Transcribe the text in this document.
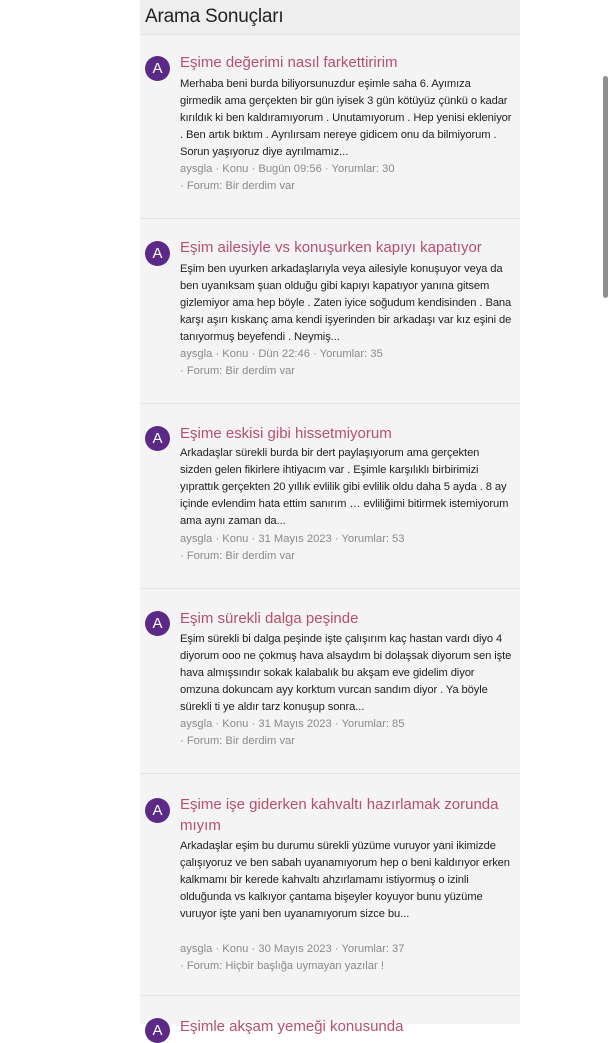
Arama Sonuçları
A Eşime değerimi nasıl farkettiririm
Merhaba beni burda biliyorsunuzdur eşimle saha 6. Ayımıza girmedik ama gerçekten bir gün iyisek 3 gün kötüyüz çünkü o kadar kırıldık ki ben kaldıramıyorum . Unutamıyorum . Hep yenisi ekleniyor . Ben artık bıktım . Ayrılırsam nereye gidicem onu da bilmiyorum . Sorun yaşıyoruz diye ayrılmamız...
aysgla · Konu · Bugün 09:56 · Yorumlar: 30
· Forum: Bir derdim var
A Eşim ailesiyle vs konuşurken kapıyı kapatıyor
Eşim ben uyurken arkadaşlarıyla veya ailesiyle konuşuyor veya da ben uyanıksam şuan olduğu gibi kapıyı kapatıyor yanına gitsem gizlemiyor ama hep böyle . Zaten iyice soğudum kendisinden . Bana karşı aşırı kıskanç ama kendi işyerinden bir arkadaşı var kız eşini de tanıyormuş beyefendi . Neymiş...
aysgla · Konu · Dün 22:46 · Yorumlar: 35
· Forum: Bir derdim var
A Eşime eskisi gibi hissetmiyorum
Arkadaşlar sürekli burda bir dert paylaşıyorum ama gerçekten sizden gelen fikirlere ihtiyacım var . Eşimle karşılıklı birbirimizi yıprattık gerçekten 20 yıllık evlilik gibi evlilik oldu daha 5 ayda . 8 ay içinde evlendim hata ettim sanırım … evliliğimi bitirmek istemiyorum ama aynı zaman da...
aysgla · Konu · 31 Mayıs 2023 · Yorumlar: 53
· Forum: Bir derdim var
A Eşim sürekli dalga peşinde
Eşim sürekli bi dalga peşinde işte çalışırım kaç hastan vardı diyo 4 diyorum ooo ne çokmuş hava alsaydım bi dolaşsak diyorum sen işte hava almışsındır sokak kalabalık bu akşam eve gidelim diyor omzuna dokuncam ayy korktum vurcan sandım diyor . Ya böyle sürekli ti ye aldır tarz konuşup sonra...
aysgla · Konu · 31 Mayıs 2023 · Yorumlar: 85
· Forum: Bir derdim var
A Eşime işe giderken kahvaltı hazırlamak zorunda mıyım
Arkadaşlar eşim bu durumu sürekli yüzüme vuruyor yani ikimizde çalışıyoruz ve ben sabah uyanamıyorum hep o beni kaldırıyor erken kalkmamı bir kerede kahvaltı ahzırlamamı istiyormuş o izinli olduğunda vs kalkıyor çantama bişeyler koyuyor bunu yüzüme vuruyor işte yani ben uyanamıyorum sizce bu...
aysgla · Konu · 30 Mayıs 2023 · Yorumlar: 37
· Forum: Hiçbir başlığa uymayan yazılar !
A Eşimle akşam yemeği konusunda
